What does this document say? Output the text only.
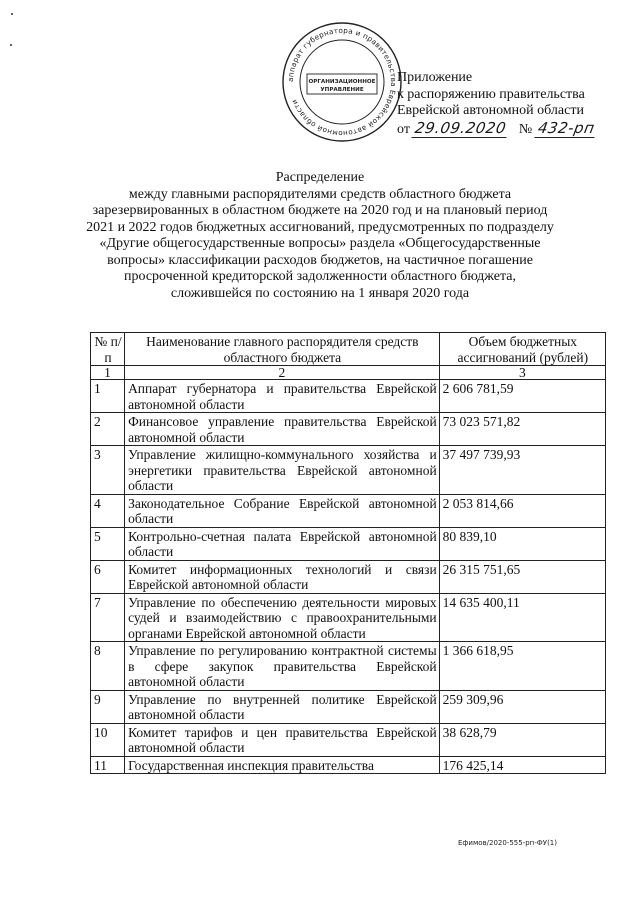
аппарат губернатора и правительства Еврейской автономной области
ОРГАНИЗАЦИОННОЕ
УПРАВЛЕНИЕ
Приложение
к распоряжению правительства
Еврейской автономной области
от 29.09.2020 № 432-рп
Распределение
между главными распорядителями средств областного бюджета
зарезервированных в областном бюджете на 2020 год и на плановый период
2021 и 2022 годов бюджетных ассигнований, предусмотренных по подразделу
«Другие общегосударственные вопросы» раздела «Общегосударственные
вопросы» классификации расходов бюджетов, на частичное погашение
просроченной кредиторской задолженности областного бюджета,
сложившейся по состоянию на 1 января 2020 года
№ п/п	Наименование главного распорядителя средств областного бюджета	Объем бюджетных ассигнований (рублей)
1	2	3
1	Аппарат губернатора и правительства Еврейской автономной области	2 606 781,59
2	Финансовое управление правительства Еврейской автономной области	73 023 571,82
3	Управление жилищно-коммунального хозяйства и энергетики правительства Еврейской автономной области	37 497 739,93
4	Законодательное Собрание Еврейской автономной области	2 053 814,66
5	Контрольно-счетная палата Еврейской автономной области	80 839,10
6	Комитет информационных технологий и связи Еврейской автономной области	26 315 751,65
7	Управление по обеспечению деятельности мировых судей и взаимодействию с правоохранительными органами Еврейской автономной области	14 635 400,11
8	Управление по регулированию контрактной системы в сфере закупок правительства Еврейской автономной области	1 366 618,95
9	Управление по внутренней политике Еврейской автономной области	259 309,96
10	Комитет тарифов и цен правительства Еврейской автономной области	38 628,79
11	Государственная инспекция правительства	176 425,14
Ефимов/2020-555-рп-ФУ(1)
